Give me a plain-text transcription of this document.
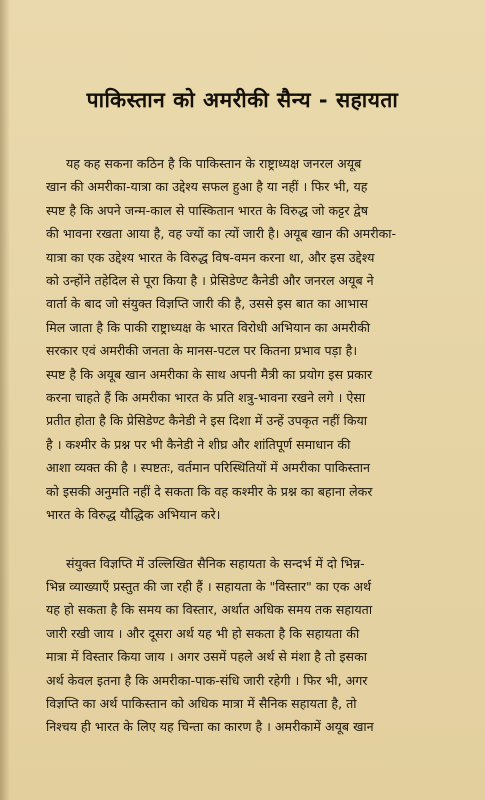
पाकिस्तान को अमरीकी सैन्य - सहायता

यह कह सकना कठिन है कि पाकिस्तान के राष्ट्राध्यक्ष जनरल अयूब
खान की अमरीका-यात्रा का उद्देश्य सफल हुआ है या नहीं । फिर भी, यह
स्पष्ट है कि अपने जन्म-काल से पास्कितान भारत के विरुद्ध जो कट्टर द्वेष
की भावना रखता आया है, वह ज्यों का त्यों जारी है। अयूब खान की अमरीका-
यात्रा का एक उद्देश्य भारत के विरुद्ध विष-वमन करना था, और इस उद्देश्य
को उन्होंने तहेदिल से पूरा किया है । प्रेसिडेण्ट कैनेडी और जनरल अयूब ने
वार्ता के बाद जो संयुक्त विज्ञप्ति जारी की है, उससे इस बात का आभास
मिल जाता है कि पाकी राष्ट्राध्यक्ष के भारत विरोधी अभियान का अमरीकी
सरकार एवं अमरीकी जनता के मानस-पटल पर कितना प्रभाव पड़ा है।
स्पष्ट है कि अयूब खान अमरीका के साथ अपनी मैत्री का प्रयोग इस प्रकार
करना चाहते हैं कि अमरीका भारत के प्रति शत्रु-भावना रखने लगे । ऐसा
प्रतीत होता है कि प्रेसिडेण्ट कैनेडी ने इस दिशा में उन्हें उपकृत नहीं किया
है । कश्मीर के प्रश्न पर भी कैनेडी ने शीघ्र और शांतिपूर्ण समाधान की
आशा व्यक्त की है । स्पष्टतः, वर्तमान परिस्थितियों में अमरीका पाकिस्तान
को इसकी अनुमति नहीं दे सकता कि वह कश्मीर के प्रश्न का बहाना लेकर
भारत के विरुद्ध यौद्धिक अभियान करे।

संयुक्त विज्ञप्ति में उल्लिखित सैनिक सहायता के सन्दर्भ में दो भिन्न-
भिन्न व्याख्याएँ प्रस्तुत की जा रही हैं । सहायता के "विस्तार" का एक अर्थ
यह हो सकता है कि समय का विस्तार, अर्थात अधिक समय तक सहायता
जारी रखी जाय । और दूसरा अर्थ यह भी हो सकता है कि सहायता की
मात्रा में विस्तार किया जाय । अगर उसमें पहले अर्थ से मंशा है तो इसका
अर्थ केवल इतना है कि अमरीका-पाक-संधि जारी रहेगी । फिर भी, अगर
विज्ञप्ति का अर्थ पाकिस्तान को अधिक मात्रा में सैनिक सहायता है, तो
निश्चय ही भारत के लिए यह चिन्ता का कारण है । अमरीकामें अयूब खान
